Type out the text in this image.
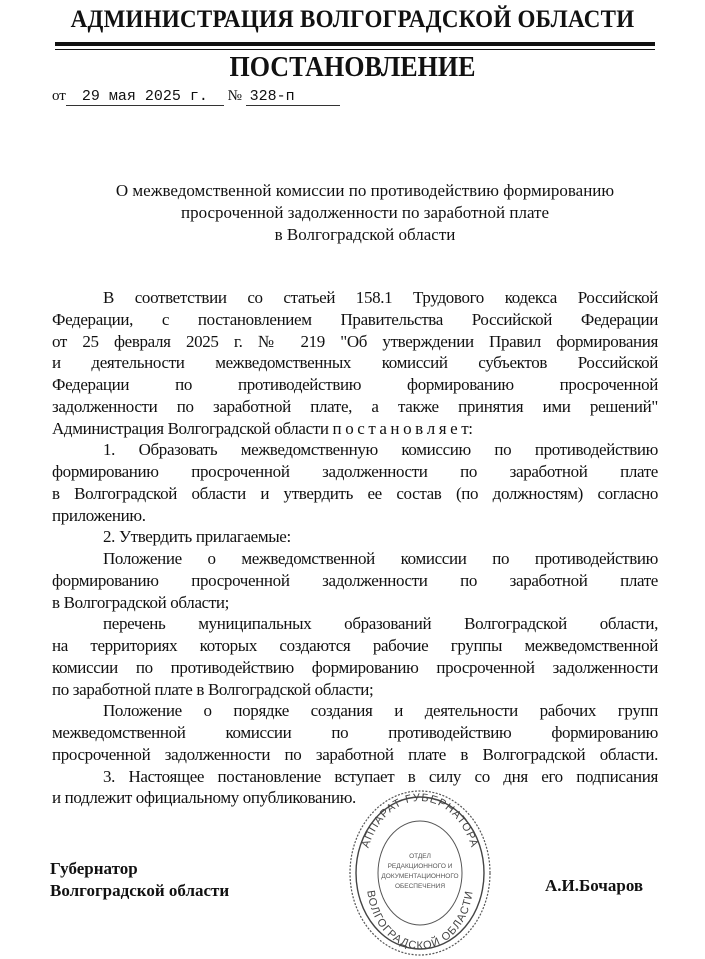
АДМИНИСТРАЦИЯ ВОЛГОГРАДСКОЙ ОБЛАСТИ
ПОСТАНОВЛЕНИЕ
от 29 мая 2025 г. № 328-п
О межведомственной комиссии по противодействию формированию
просроченной задолженности по заработной плате
в Волгоградской области
В соответствии со статьей 158.1 Трудового кодекса Российской
Федерации, с постановлением Правительства Российской Федерации
от 25 февраля 2025 г. № 219 "Об утверждении Правил формирования
и деятельности межведомственных комиссий субъектов Российской
Федерации по противодействию формированию просроченной
задолженности по заработной плате, а также принятия ими решений"
Администрация Волгоградской области п о с т а н о в л я е т:
1. Образовать межведомственную комиссию по противодействию
формированию просроченной задолженности по заработной плате
в Волгоградской области и утвердить ее состав (по должностям) согласно
приложению.
2. Утвердить прилагаемые:
Положение о межведомственной комиссии по противодействию
формированию просроченной задолженности по заработной плате
в Волгоградской области;
перечень муниципальных образований Волгоградской области,
на территориях которых создаются рабочие группы межведомственной
комиссии по противодействию формированию просроченной задолженности
по заработной плате в Волгоградской области;
Положение о порядке создания и деятельности рабочих групп
межведомственной комиссии по противодействию формированию
просроченной задолженности по заработной плате в Волгоградской области.
3. Настоящее постановление вступает в силу со дня его подписания
и подлежит официальному опубликованию.
АППАРАТ ГУБЕРНАТОРА
ВОЛГОГРАДСКОЙ ОБЛАСТИ
ОТДЕЛ
РЕДАКЦИОННОГО И
ДОКУМЕНТАЦИОННОГО
ОБЕСПЕЧЕНИЯ
Губернатор
Волгоградской области	А.И.Бочаров
